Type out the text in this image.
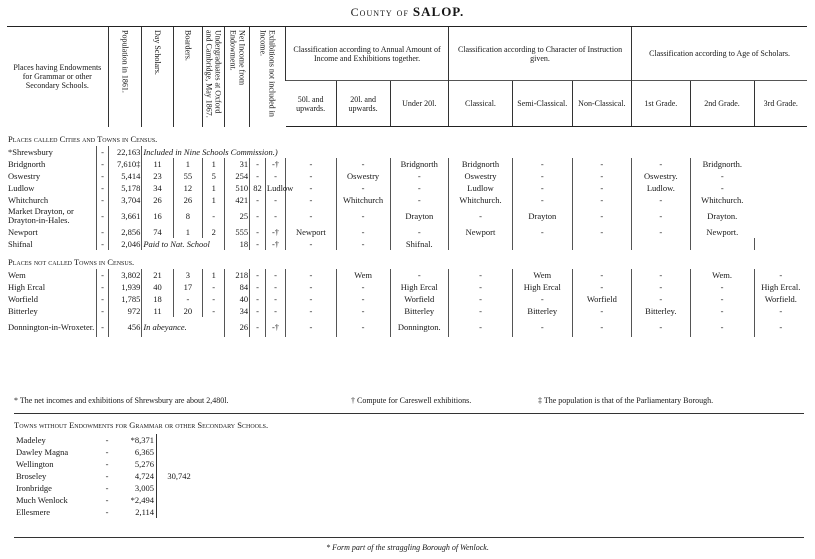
County of SALOP.
Places having Endowments for Grammar or other Secondary Schools.		Population in 1861.	Day Scholars.	Boarders.	Undergraduates at Oxford and Cambridge, May 1867.	Net Income from Endowment.	Exhibitions not included in Income.		Classification according to Annual Amount of Income and Exhibitions together.			Classification according to Character of Instruction given.			Classification according to Age of Scholars.		
									50l. and upwards.	20l. and upwards.	Under 20l.	Classical.	Semi-Classical.	Non-Classical.	1st Grade.	2nd Grade.	3rd Grade.
Places called Cities and Towns in Census.																	
*Shrewsbury	-	22,163	Included in Nine Schools Commission.)														
Bridgnorth	-	7,610‡	11	1	1	31	-	-†	-	-	Bridgnorth	Bridgnorth	-	-	-	Bridgnorth.	
Oswestry	-	5,414	23	55	5	254	-	-	-	Oswestry	-	Oswestry	-	-	Oswestry.	-	
Ludlow	-	5,178	34	12	1	510	82	Ludlow	-	-	-	Ludlow	-	-	Ludlow.	-	
Whitchurch	-	3,704	26	26	1	421	-	-	-	Whitchurch	-	Whitchurch.	-	-	-	Whitchurch.	
Market Drayton, or Drayton-in-Hales.	-	3,661	16	8	-	25	-	-	-	-	Drayton	-	Drayton	-	-	Drayton.	
Newport	-	2,856	74	1	2	555	-	-†	Newport	-	-	Newport	-	-	-	Newport.	
Shifnal	-	2,046	Paid to Nat. School			18	-	-†	-	-	Shifnal.						
Places not called Towns in Census.																	
Wem	-	3,802	21	3	1	218	-	-	-	Wem	-	-	Wem	-	-	Wem.	-
High Ercal	-	1,939	40	17	-	84	-	-	-	-	High Ercal	-	High Ercal	-	-	-	High Ercal.
Worfield	-	1,785	18	-	-	40	-	-	-	-	Worfield	-	-	Worfield	-	-	Worfield.
Bitterley	-	972	11	20	-	34	-	-	-	-	Bitterley	-	Bitterley	-	Bitterley.	-	-
Donnington-in-Wroxeter.	-	456	In abeyance.			26	-	-†	-	-	Donnington.	-	-	-	-	-	-
* The net incomes and exhibitions of Shrewsbury are about 2,480l.	† Compute for Careswell exhibitions.	‡ The population is that of the Parliamentary Borough.
Towns without Endowments for Grammar or other Secondary Schools.
Madeley	-	*8,371	30,742
Dawley Magna	-	6,365	
Wellington	-	5,276	
Broseley	-	4,724	
Ironbridge	-	3,005	
Much Wenlock	-	*2,494	
Ellesmere	-	2,114	
* Form part of the straggling Borough of Wenlock.
